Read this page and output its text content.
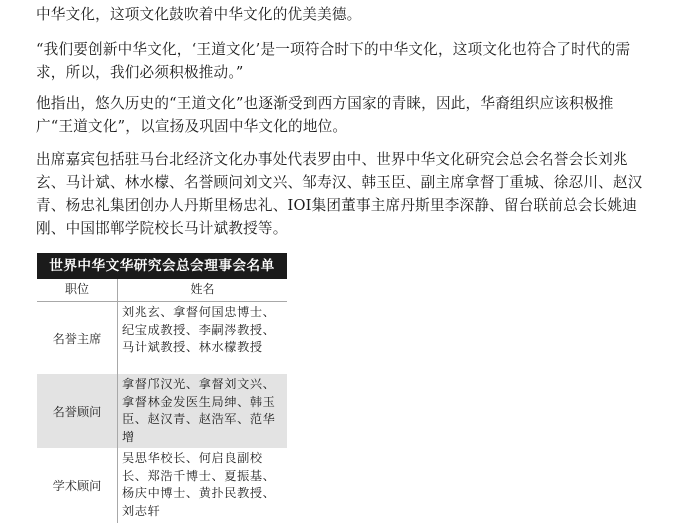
中华文化，这项文化鼓吹着中华文化的优美美德。

“我们要创新中华文化，‘王道文化’是一项符合时下的中华文化，这项文化也符合了时代的需求，所以，我们必须积极推动。”

他指出，悠久历史的“王道文化”也逐渐受到西方国家的青睐，因此，华裔组织应该积极推广“王道文化”，以宣扬及巩固中华文化的地位。

出席嘉宾包括驻马台北经济文化办事处代表罗由中、世界中华文化研究会总会名誉会长刘兆玄、马计斌、林水檬、名誉顾问刘文兴、邹寿汉、韩玉臣、副主席拿督丁重城、徐忍川、赵汉青、杨忠礼集团创办人丹斯里杨忠礼、IOI集团董事主席丹斯里李深静、留台联前总会长姚迪刚、中国邯郸学院校长马计斌教授等。

世界中华文华研究会总会理事会名单
职位	姓名
名誉主席
刘兆玄、拿督何国忠博士、纪宝成教授、李嗣涔教授、马计斌教授、林水檬教授
名誉顾问
拿督邝汉光、拿督刘文兴、拿督林金发医生局绅、韩玉臣、赵汉青、赵浩军、范华增
学术顾问
吴思华校长、何启良副校长、郑浩千博士、夏振基、杨庆中博士、黄扑民教授、刘志轩
